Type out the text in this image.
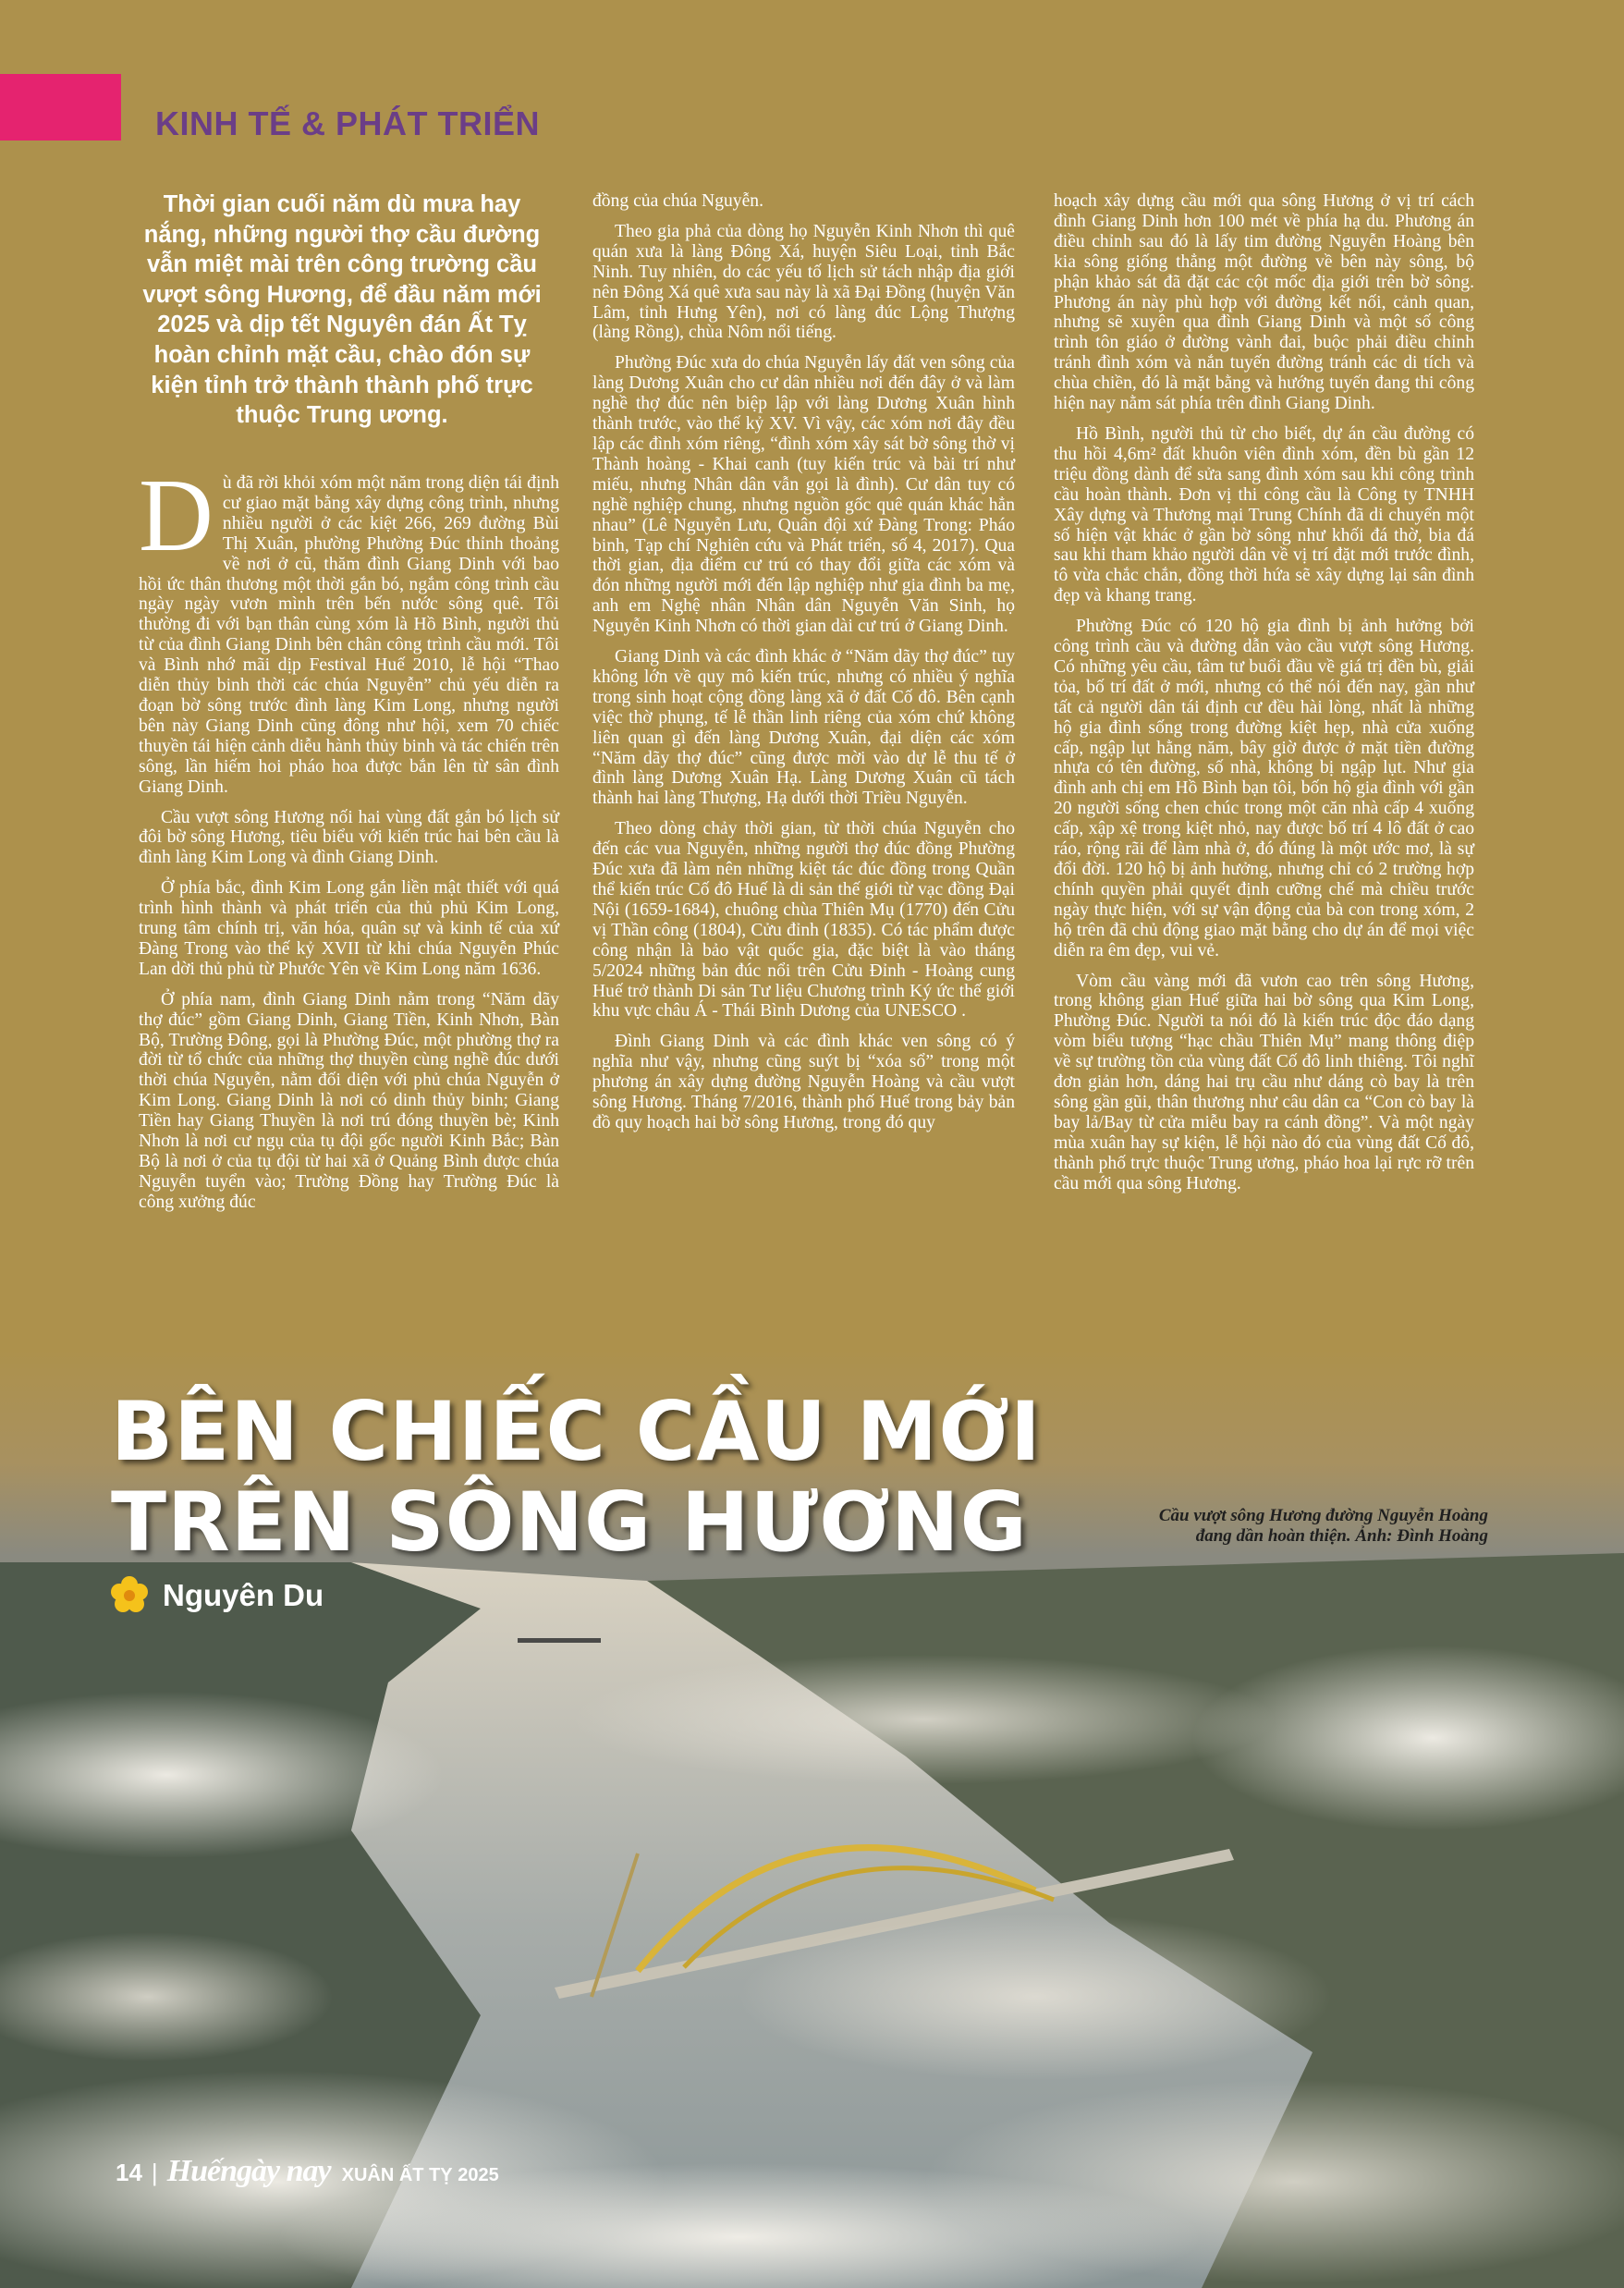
KINH TẾ & PHÁT TRIỂN
Thời gian cuối năm dù mưa hay nắng, những người thợ cầu đường vẫn miệt mài trên công trường cầu vượt sông Hương, để đầu năm mới 2025 và dịp tết Nguyên đán Ất Tỵ hoàn chỉnh mặt cầu, chào đón sự kiện tỉnh trở thành thành phố trực thuộc Trung ương.

Dù đã rời khỏi xóm một năm trong diện tái định cư giao mặt bằng xây dựng công trình, nhưng nhiều người ở các kiệt 266, 269 đường Bùi Thị Xuân, phường Phường Đúc thỉnh thoảng về nơi ở cũ, thăm đình Giang Dinh với bao hồi ức thân thương một thời gắn bó, ngắm công trình cầu ngày ngày vươn mình trên bến nước sông quê. Tôi thường đi với bạn thân cùng xóm là Hồ Bình, người thủ từ của đình Giang Dinh bên chân công trình cầu mới. Tôi và Bình nhớ mãi dịp Festival Huế 2010, lễ hội “Thao diễn thủy binh thời các chúa Nguyễn” chủ yếu diễn ra đoạn bờ sông trước đình làng Kim Long, nhưng người bên này Giang Dinh cũng đông như hội, xem 70 chiếc thuyền tái hiện cảnh diễu hành thủy binh và tác chiến trên sông, lần hiếm hoi pháo hoa được bắn lên từ sân đình Giang Dinh.

Cầu vượt sông Hương nối hai vùng đất gắn bó lịch sử đôi bờ sông Hương, tiêu biểu với kiến trúc hai bên cầu là đình làng Kim Long và đình Giang Dinh.

Ở phía bắc, đình Kim Long gắn liền mật thiết với quá trình hình thành và phát triển của thủ phủ Kim Long, trung tâm chính trị, văn hóa, quân sự và kinh tế của xứ Đàng Trong vào thế kỷ XVII từ khi chúa Nguyễn Phúc Lan dời thủ phủ từ Phước Yên về Kim Long năm 1636.

Ở phía nam, đình Giang Dinh nằm trong “Năm dãy thợ đúc” gồm Giang Dinh, Giang Tiền, Kinh Nhơn, Bàn Bộ, Trường Đông, gọi là Phường Đúc, một phường thợ ra đời từ tổ chức của những thợ thuyền cùng nghề đúc dưới thời chúa Nguyễn, nằm đối diện với phủ chúa Nguyễn ở Kim Long. Giang Dinh là nơi có dinh thủy binh; Giang Tiền hay Giang Thuyền là nơi trú đóng thuyền bè; Kinh Nhơn là nơi cư ngụ của tụ đội gốc người Kinh Bắc; Bàn Bộ là nơi ở của tụ đội từ hai xã ở Quảng Bình được chúa Nguyễn tuyển vào; Trường Đồng hay Trường Đúc là công xưởng đúc

đồng của chúa Nguyễn.

Theo gia phả của dòng họ Nguyễn Kinh Nhơn thì quê quán xưa là làng Đông Xá, huyện Siêu Loại, tỉnh Bắc Ninh. Tuy nhiên, do các yếu tố lịch sử tách nhập địa giới nên Đông Xá quê xưa sau này là xã Đại Đồng (huyện Văn Lâm, tỉnh Hưng Yên), nơi có làng đúc Lộng Thượng (làng Rồng), chùa Nôm nổi tiếng.

Phường Đúc xưa do chúa Nguyễn lấy đất ven sông của làng Dương Xuân cho cư dân nhiều nơi đến đây ở và làm nghề thợ đúc nên biệp lập với làng Dương Xuân hình thành trước, vào thế kỷ XV. Vì vậy, các xóm nơi đây đều lập các đình xóm riêng, “đình xóm xây sát bờ sông thờ vị Thành hoàng - Khai canh (tuy kiến trúc và bài trí như miếu, nhưng Nhân dân vẫn gọi là đình). Cư dân tuy có nghề nghiệp chung, nhưng nguồn gốc quê quán khác hẳn nhau” (Lê Nguyễn Lưu, Quân đội xứ Đàng Trong: Pháo binh, Tạp chí Nghiên cứu và Phát triển, số 4, 2017). Qua thời gian, địa điểm cư trú có thay đổi giữa các xóm và đón những người mới đến lập nghiệp như gia đình ba mẹ, anh em Nghệ nhân Nhân dân Nguyễn Văn Sinh, họ Nguyễn Kinh Nhơn có thời gian dài cư trú ở Giang Dinh.

Giang Dinh và các đình khác ở “Năm dãy thợ đúc” tuy không lớn về quy mô kiến trúc, nhưng có nhiều ý nghĩa trong sinh hoạt cộng đồng làng xã ở đất Cố đô. Bên cạnh việc thờ phụng, tế lễ thần linh riêng của xóm chứ không liên quan gì đến làng Dương Xuân, đại diện các xóm “Năm dãy thợ đúc” cũng được mời vào dự lễ thu tế ở đình làng Dương Xuân Hạ. Làng Dương Xuân cũ tách thành hai làng Thượng, Hạ dưới thời Triều Nguyễn.

Theo dòng chảy thời gian, từ thời chúa Nguyễn cho đến các vua Nguyễn, những người thợ đúc đồng Phường Đúc xưa đã làm nên những kiệt tác đúc đồng trong Quần thể kiến trúc Cố đô Huế là di sản thế giới từ vạc đồng Đại Nội (1659-1684), chuông chùa Thiên Mụ (1770) đến Cửu vị Thần công (1804), Cửu đỉnh (1835). Có tác phẩm được công nhận là bảo vật quốc gia, đặc biệt là vào tháng 5/2024 những bản đúc nổi trên Cửu Đỉnh - Hoàng cung Huế trở thành Di sản Tư liệu Chương trình Ký ức thế giới khu vực châu Á - Thái Bình Dương của UNESCO .

Đình Giang Dinh và các đình khác ven sông có ý nghĩa như vậy, nhưng cũng suýt bị “xóa sổ” trong một phương án xây dựng đường Nguyễn Hoàng và cầu vượt sông Hương. Tháng 7/2016, thành phố Huế trong bảy bản đồ quy hoạch hai bờ sông Hương, trong đó quy

hoạch xây dựng cầu mới qua sông Hương ở vị trí cách đình Giang Dinh hơn 100 mét về phía hạ du. Phương án điều chỉnh sau đó là lấy tim đường Nguyễn Hoàng bên kia sông giống thẳng một đường về bên này sông, bộ phận khảo sát đã đặt các cột mốc địa giới trên bờ sông. Phương án này phù hợp với đường kết nối, cảnh quan, nhưng sẽ xuyên qua đình Giang Dinh và một số công trình tôn giáo ở đường vành đai, buộc phải điều chỉnh tránh đình xóm và nắn tuyến đường tránh các di tích và chùa chiền, đó là mặt bằng và hướng tuyến đang thi công hiện nay nằm sát phía trên đình Giang Dinh.

Hồ Bình, người thủ từ cho biết, dự án cầu đường có thu hồi 4,6m² đất khuôn viên đình xóm, đền bù gần 12 triệu đồng dành để sửa sang đình xóm sau khi công trình cầu hoàn thành. Đơn vị thi công cầu là Công ty TNHH Xây dựng và Thương mại Trung Chính đã di chuyển một số hiện vật khác ở gần bờ sông như khối đá thờ, bia đá sau khi tham khảo người dân về vị trí đặt mới trước đình, tô vừa chắc chắn, đồng thời hứa sẽ xây dựng lại sân đình đẹp và khang trang.

Phường Đúc có 120 hộ gia đình bị ảnh hưởng bởi công trình cầu và đường dẫn vào cầu vượt sông Hương. Có những yêu cầu, tâm tư buổi đầu về giá trị đền bù, giải tỏa, bố trí đất ở mới, nhưng có thể nói đến nay, gần như tất cả người dân tái định cư đều hài lòng, nhất là những hộ gia đình sống trong đường kiệt hẹp, nhà cửa xuống cấp, ngập lụt hằng năm, bây giờ được ở mặt tiền đường nhựa có tên đường, số nhà, không bị ngập lụt. Như gia đình anh chị em Hồ Bình bạn tôi, bốn hộ gia đình với gần 20 người sống chen chúc trong một căn nhà cấp 4 xuống cấp, xập xệ trong kiệt nhỏ, nay được bố trí 4 lô đất ở cao ráo, rộng rãi để làm nhà ở, đó đúng là một ước mơ, là sự đổi đời. 120 hộ bị ảnh hưởng, nhưng chỉ có 2 trường hợp chính quyền phải quyết định cưỡng chế mà chiều trước ngày thực hiện, với sự vận động của bà con trong xóm, 2 hộ trên đã chủ động giao mặt bằng cho dự án để mọi việc diễn ra êm đẹp, vui vẻ.

Vòm cầu vàng mới đã vươn cao trên sông Hương, trong không gian Huế giữa hai bờ sông qua Kim Long, Phường Đúc. Người ta nói đó là kiến trúc độc đáo dạng vòm biểu tượng “hạc chầu Thiên Mụ” mang thông điệp về sự trường tồn của vùng đất Cố đô linh thiêng. Tôi nghĩ đơn giản hơn, dáng hai trụ cầu như dáng cò bay là trên sông gần gũi, thân thương như câu dân ca “Con cò bay là bay lả/Bay từ cửa miễu bay ra cánh đồng”. Và một ngày mùa xuân hay sự kiện, lễ hội nào đó của vùng đất Cố đô, thành phố trực thuộc Trung ương, pháo hoa lại rực rỡ trên cầu mới qua sông Hương.

BÊN CHIẾC CẦU MỚI
TRÊN SÔNG HƯƠNG	Cầu vượt sông Hương đường Nguyễn Hoàng
đang dần hoàn thiện. Ảnh: Đình Hoàng
Nguyên Du
14 | Huếngày nay XUÂN ẤT TỴ 2025
